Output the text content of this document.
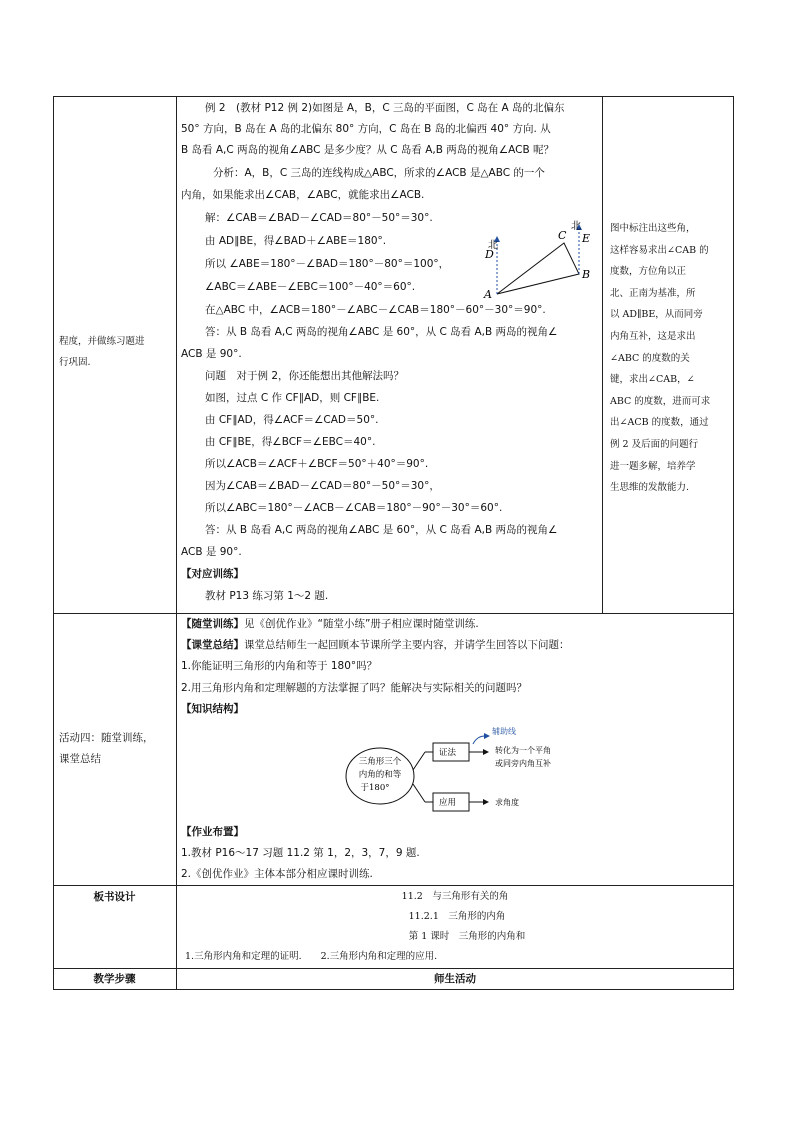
程度，并做练习题进
行巩固.
活动四：随堂训练，
课堂总结
板书设计
教学步骤
例 2　(教材 P12 例 2)如图是 A，B，C 三岛的平面图，C 岛在 A 岛的北偏东
50° 方向，B 岛在 A 岛的北偏东 80° 方向，C 岛在 B 岛的北偏西 40° 方向. 从
B 岛看 A,C 两岛的视角∠ABC 是多少度？从 C 岛看 A,B 两岛的视角∠ACB 呢？
分析：A，B，C 三岛的连线构成△ABC，所求的∠ACB 是△ABC 的一个
内角，如果能求出∠CAB，∠ABC，就能求出∠ACB.
解：∠CAB＝∠BAD－∠CAD＝80°－50°＝30°.
由 AD∥BE，得∠BAD＋∠ABE＝180°.
所以 ∠ABE＝180°－∠BAD＝180°－80°＝100°，
∠ABC＝∠ABE－∠EBC＝100°－40°＝60°.
在△ABC 中，∠ACB＝180°－∠ABC－∠CAB＝180°－60°－30°＝90°.
答：从 B 岛看 A,C 两岛的视角∠ABC 是 60°，从 C 岛看 A,B 两岛的视角∠
ACB 是 90°.
问题　对于例 2，你还能想出其他解法吗？
如图，过点 C 作 CF∥AD，则 CF∥BE.
由 CF∥AD，得∠ACF＝∠CAD＝50°.
由 CF∥BE，得∠BCF＝∠EBC＝40°.
所以∠ACB＝∠ACF＋∠BCF＝50°＋40°＝90°.
因为∠CAB＝∠BAD－∠CAD＝80°－50°＝30°，
所以∠ABC＝180°－∠ACB－∠CAB＝180°－90°－30°＝60°.
答：从 B 岛看 A,C 两岛的视角∠ABC 是 60°，从 C 岛看 A,B 两岛的视角∠
ACB 是 90°.
【对应训练】
教材 P13 练习第 1～2 题.
北
北
A
B
C
D
E
图中标注出这些角，
这样容易求出∠CAB 的
度数，方位角以正
北、正南为基准，所
以 AD∥BE，从而同旁
内角互补，这是求出
∠ABC 的度数的关
键，求出∠CAB，∠
ABC 的度数，进而可求
出∠ACB 的度数，通过
例 2 及后面的问题行
进一题多解，培养学
生思维的发散能力.
【随堂训练】见《创优作业》“随堂小练”册子相应课时随堂训练.
【课堂总结】课堂总结师生一起回顾本节课所学主要内容，并请学生回答以下问题：
1.你能证明三角形的内角和等于 180°吗？
2.用三角形内角和定理解题的方法掌握了吗？能解决与实际相关的问题吗？
【知识结构】
【作业布置】
1.教材 P16～17 习题 11.2 第 1，2，3，7，9 题.
2.《创优作业》主体本部分相应课时训练.
三角形三个
内角的和等
于180°
证法
应用
辅助线
转化为一个平角
或同旁内角互补
求角度
11.2　与三角形有关的角
11.2.1　三角形的内角
第 1 课时　三角形的内角和
1.三角形内角和定理的证明.　　2.三角形内角和定理的应用.
师生活动
